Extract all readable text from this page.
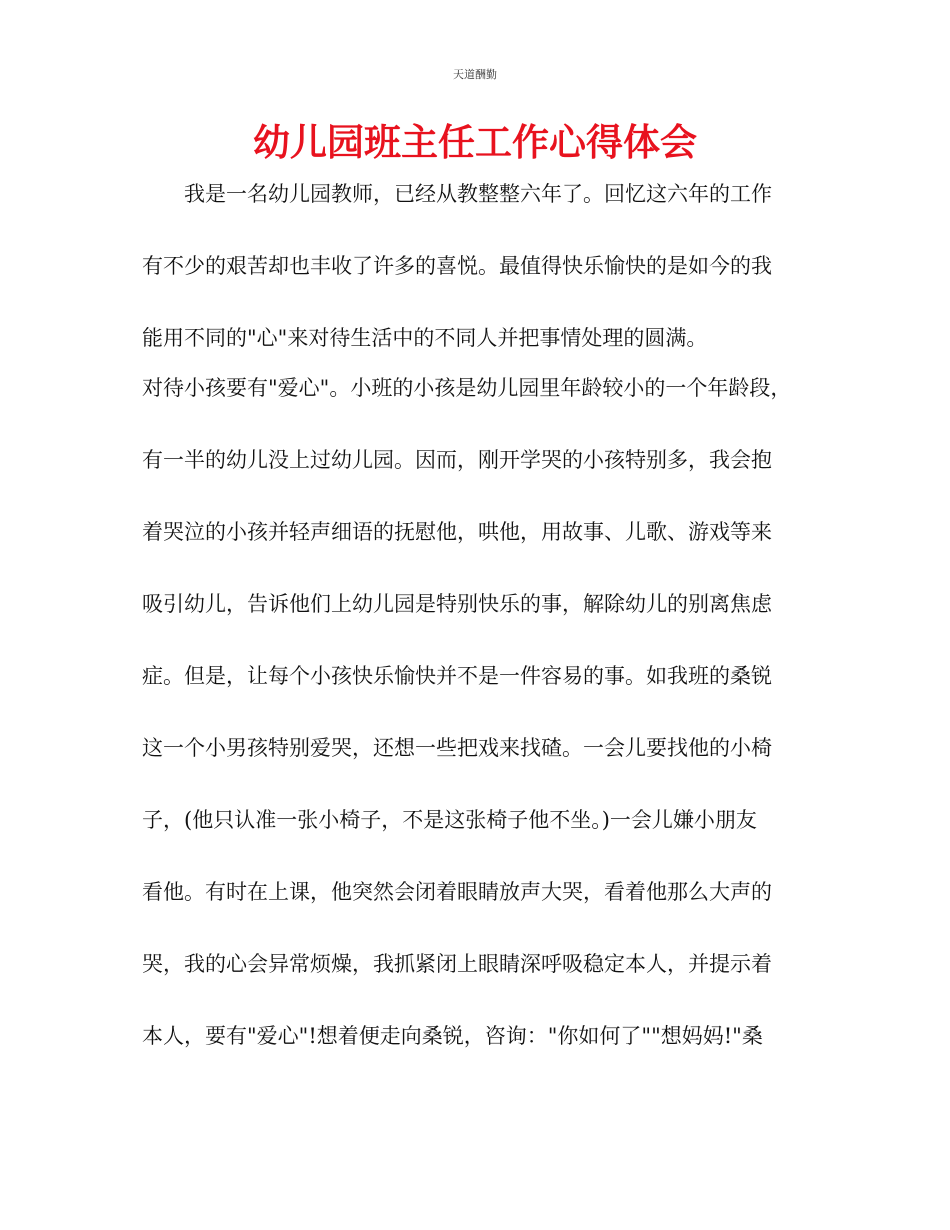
天道酬勤
幼儿园班主任工作心得体会
我是一名幼儿园教师，已经从教整整六年了。回忆这六年的工作
有不少的艰苦却也丰收了许多的喜悦。最值得快乐愉快的是如今的我
能用不同的"心"来对待生活中的不同人并把事情处理的圆满。
对待小孩要有"爱心"。小班的小孩是幼儿园里年龄较小的一个年龄段，
有一半的幼儿没上过幼儿园。因而，刚开学哭的小孩特别多，我会抱
着哭泣的小孩并轻声细语的抚慰他，哄他，用故事、儿歌、游戏等来
吸引幼儿，告诉他们上幼儿园是特别快乐的事，解除幼儿的别离焦虑
症。但是，让每个小孩快乐愉快并不是一件容易的事。如我班的桑锐
这一个小男孩特别爱哭，还想一些把戏来找碴。一会儿要找他的小椅
子，(他只认准一张小椅子，不是这张椅子他不坐。)一会儿嫌小朋友
看他。有时在上课，他突然会闭着眼睛放声大哭，看着他那么大声的
哭，我的心会异常烦燥，我抓紧闭上眼睛深呼吸稳定本人，并提示着
本人，要有"爱心"!想着便走向桑锐，咨询："你如何了""想妈妈!"桑
